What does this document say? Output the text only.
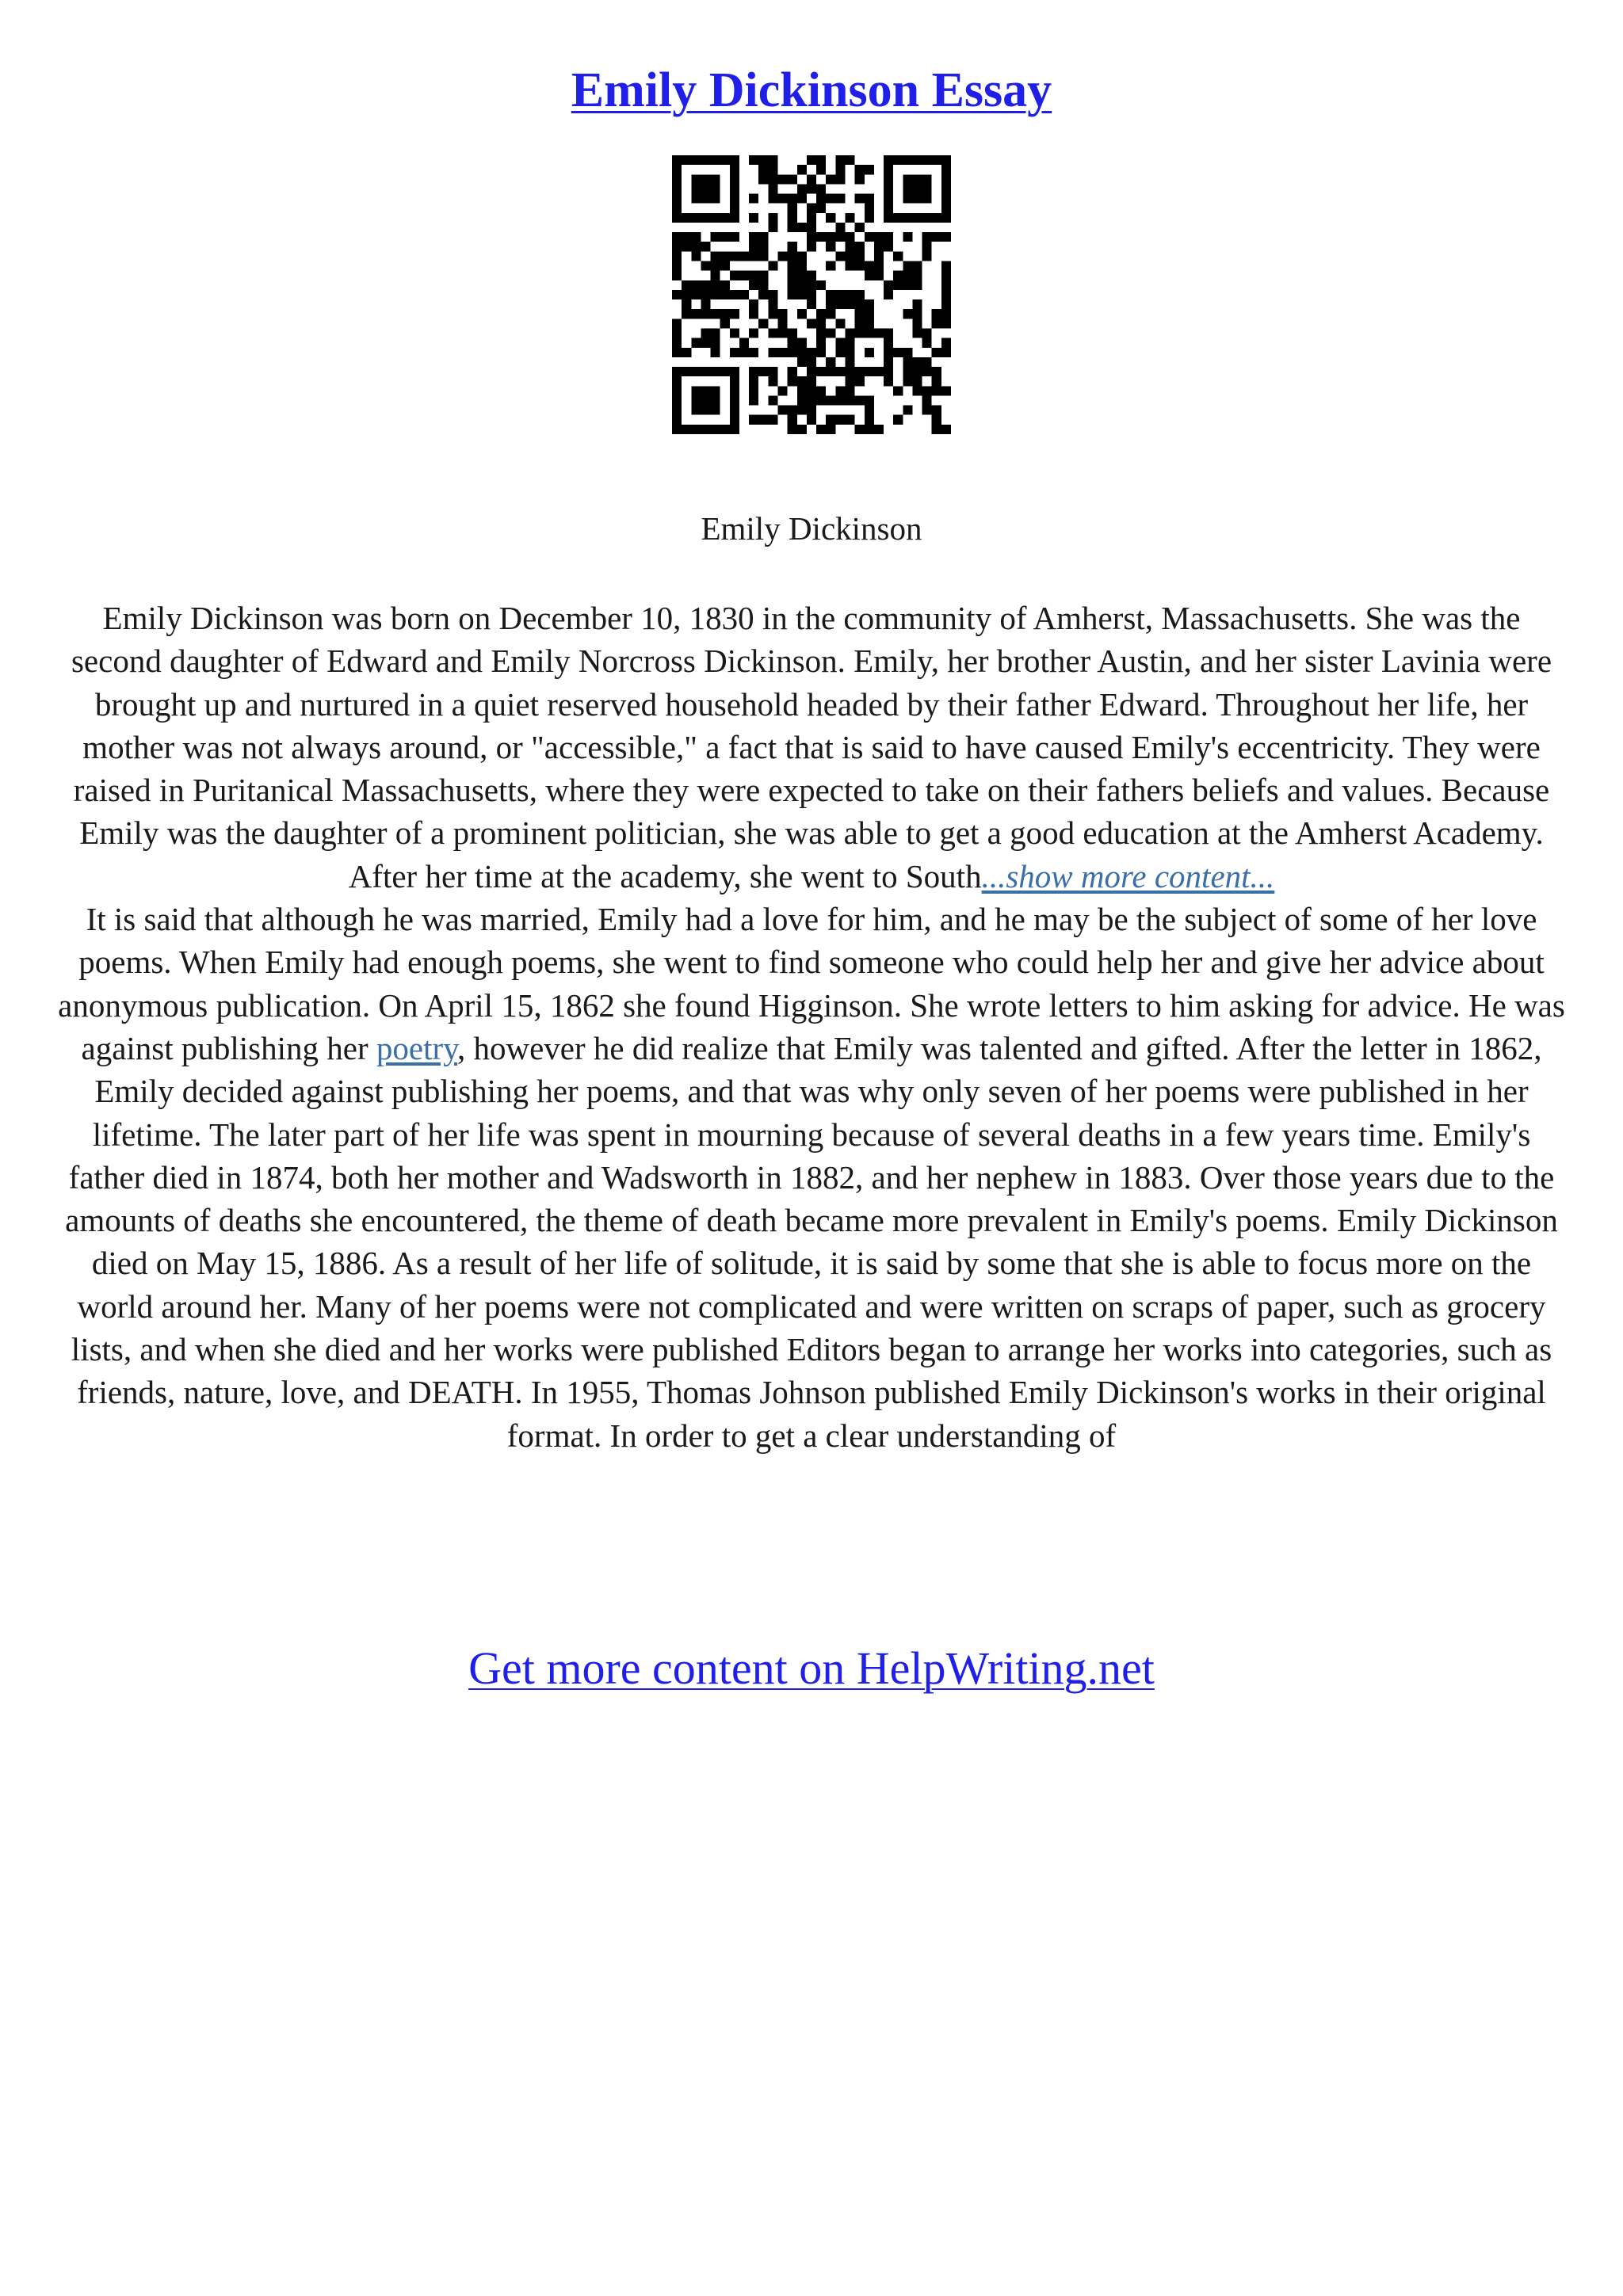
Emily Dickinson Essay

Emily Dickinson

Emily Dickinson was born on December 10, 1830 in the community of Amherst, Massachusetts. She was the second daughter of Edward and Emily Norcross Dickinson. Emily, her brother Austin, and her sister Lavinia were brought up and nurtured in a quiet reserved household headed by their father Edward. Throughout her life, her mother was not always around, or "accessible," a fact that is said to have caused Emily's eccentricity. They were raised in Puritanical Massachusetts, where they were expected to take on their fathers beliefs and values. Because Emily was the daughter of a prominent politician, she was able to get a good education at the Amherst Academy. After her time at the academy, she went to South...show more content...

It is said that although he was married, Emily had a love for him, and he may be the subject of some of her love poems. When Emily had enough poems, she went to find someone who could help her and give her advice about anonymous publication. On April 15, 1862 she found Higginson. She wrote letters to him asking for advice. He was against publishing her poetry, however he did realize that Emily was talented and gifted. After the letter in 1862, Emily decided against publishing her poems, and that was why only seven of her poems were published in her lifetime. The later part of her life was spent in mourning because of several deaths in a few years time. Emily's father died in 1874, both her mother and Wadsworth in 1882, and her nephew in 1883. Over those years due to the amounts of deaths she encountered, the theme of death became more prevalent in Emily's poems. Emily Dickinson died on May 15, 1886. As a result of her life of solitude, it is said by some that she is able to focus more on the world around her. Many of her poems were not complicated and were written on scraps of paper, such as grocery lists, and when she died and her works were published Editors began to arrange her works into categories, such as friends, nature, love, and DEATH. In 1955, Thomas Johnson published Emily Dickinson's works in their original format. In order to get a clear understanding of

Get more content on HelpWriting.net
